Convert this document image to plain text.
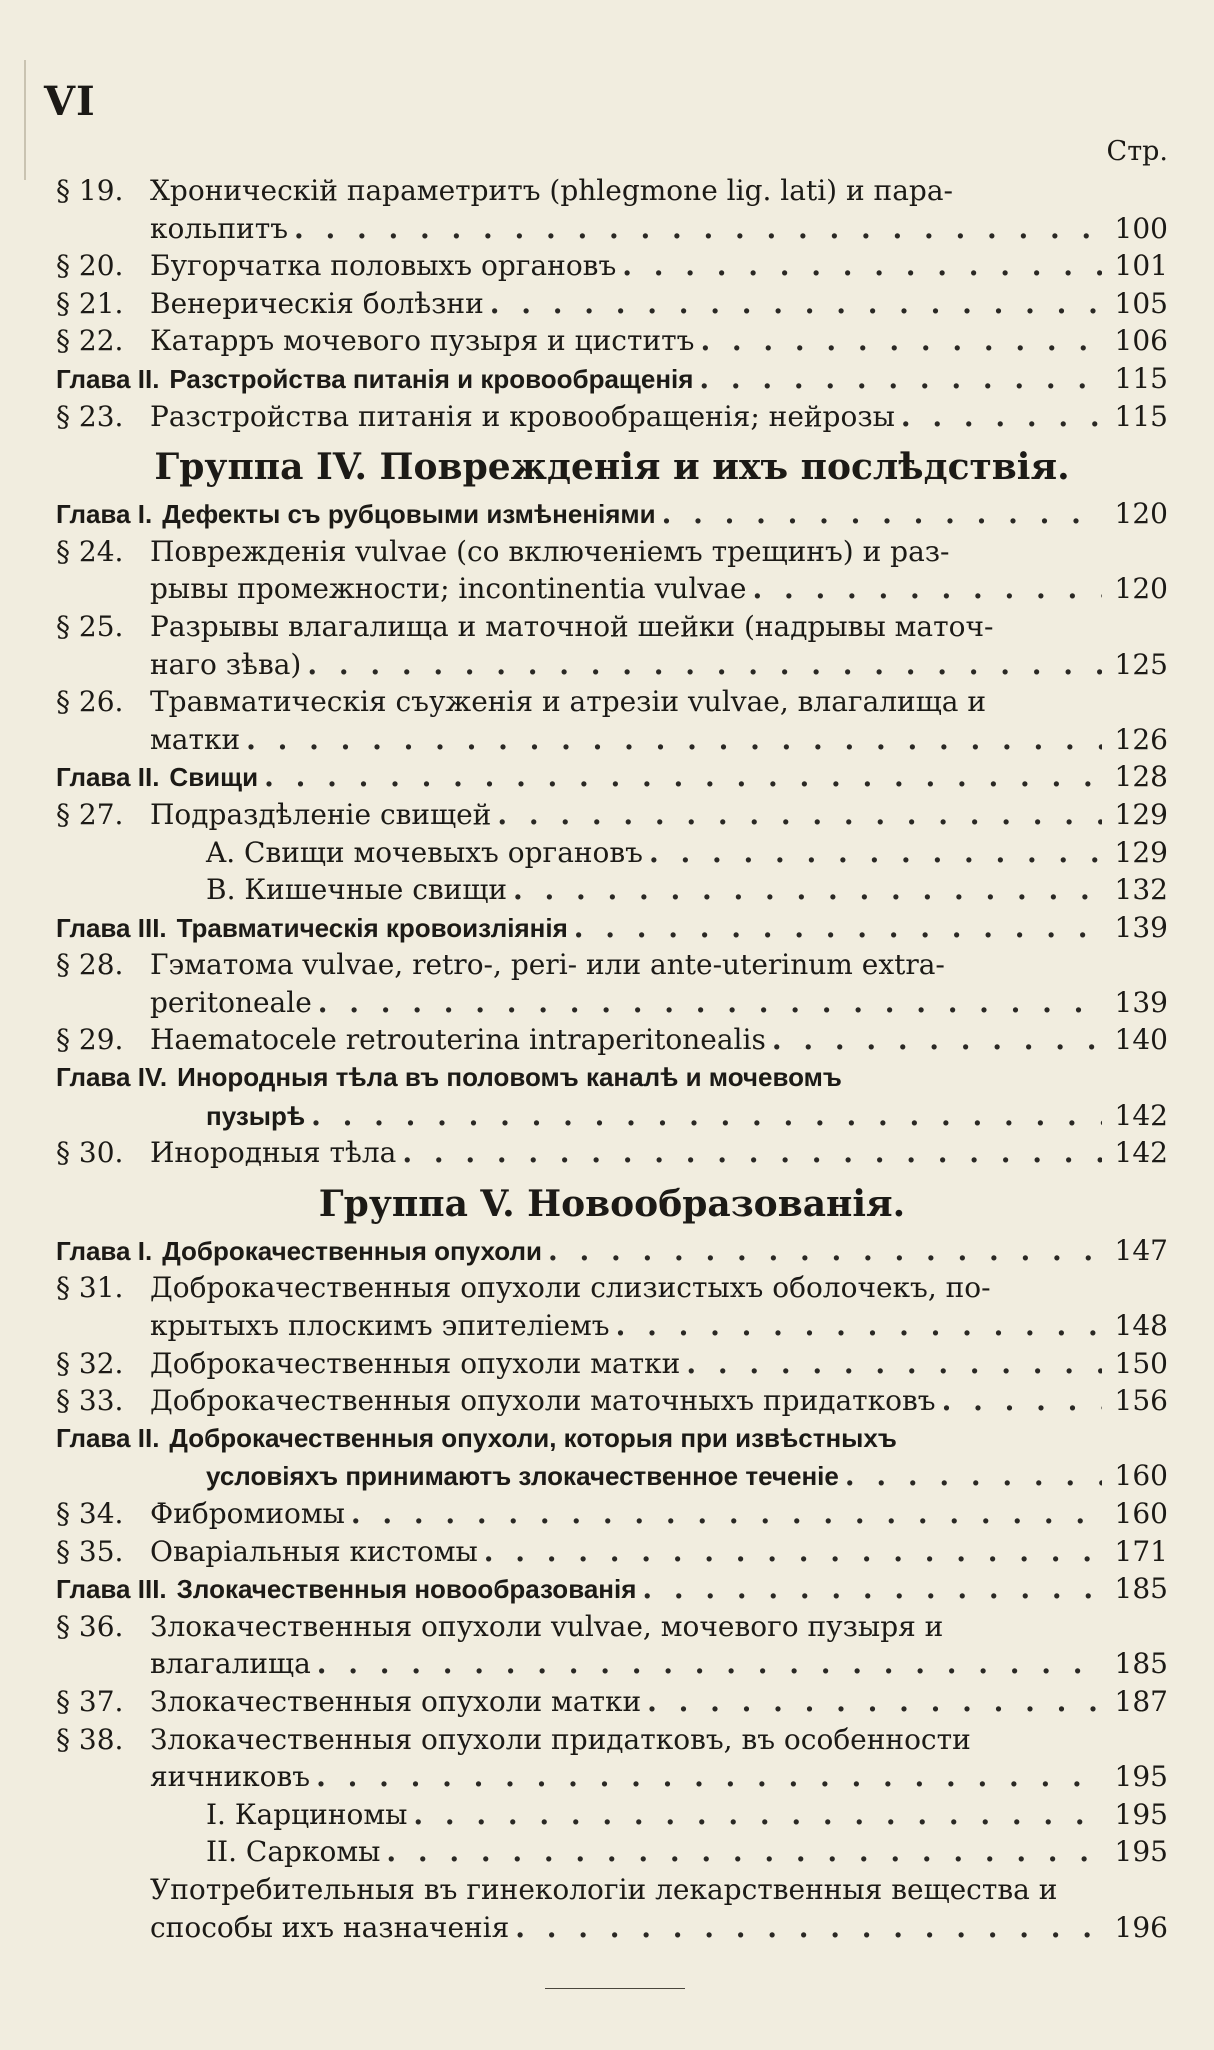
VI
Стр.
§ 19. Хроническій параметритъ (phlegmone lig. lati) и пара-
кольпитъ . . .	100
§ 20. Бугорчатка половыхъ органовъ . . .	101
§ 21. Венерическія болѣзни . . .	105
§ 22. Катарръ мочевого пузыря и циститъ . . .	106
Глава II. Разстройства питанія и кровообращенія . . .	115
§ 23. Разстройства питанія и кровообращенія; нейрозы . . .	115
Группа IV. Поврежденія и ихъ послѣдствія.
Глава I. Дефекты съ рубцовыми измѣненіями . . .	120
§ 24. Поврежденія vulvae (со включеніемъ трещинъ) и раз-
рывы промежности; incontinentia vulvae . . .	120
§ 25. Разрывы влагалища и маточной шейки (надрывы маточ-
наго зѣва) . . .	125
§ 26. Травматическія съуженія и атрезіи vulvae, влагалища и
матки . . .	126
Глава II. Свищи . . .	128
§ 27. Подраздѣленіе свищей . . .	129
A. Свищи мочевыхъ органовъ . . .	129
B. Кишечные свищи . . .	132
Глава III. Травматическія кровоизліянія . . .	139
§ 28. Гэматома vulvae, retro-, peri- или ante-uterinum extra-
peritoneale . . .	139
§ 29. Haematocele retrouterina intraperitonealis . . .	140
Глава IV. Инородныя тѣла въ половомъ каналѣ и мочевомъ
пузырѣ . . .	142
§ 30. Инородныя тѣла . . .	142
Группа V. Новообразованія.
Глава I. Доброкачественныя опухоли . . .	147
§ 31. Доброкачественныя опухоли слизистыхъ оболочекъ, по-
крытыхъ плоскимъ эпителіемъ . . .	148
§ 32. Доброкачественныя опухоли матки . . .	150
§ 33. Доброкачественныя опухоли маточныхъ придатковъ . . .	156
Глава II. Доброкачественныя опухоли, которыя при извѣстныхъ
условіяхъ принимаютъ злокачественное теченіе . . .	160
§ 34. Фибромиомы . . .	160
§ 35. Оваріальныя кистомы . . .	171
Глава III. Злокачественныя новообразованія . . .	185
§ 36. Злокачественныя опухоли vulvae, мочевого пузыря и
влагалища . . .	185
§ 37. Злокачественныя опухоли матки . . .	187
§ 38. Злокачественныя опухоли придатковъ, въ особенности
яичниковъ . . .	195
I. Карциномы . . .	195
II. Саркомы . . .	195
Употребительныя въ гинекологіи лекарственныя вещества и
способы ихъ назначенія . . .	196
